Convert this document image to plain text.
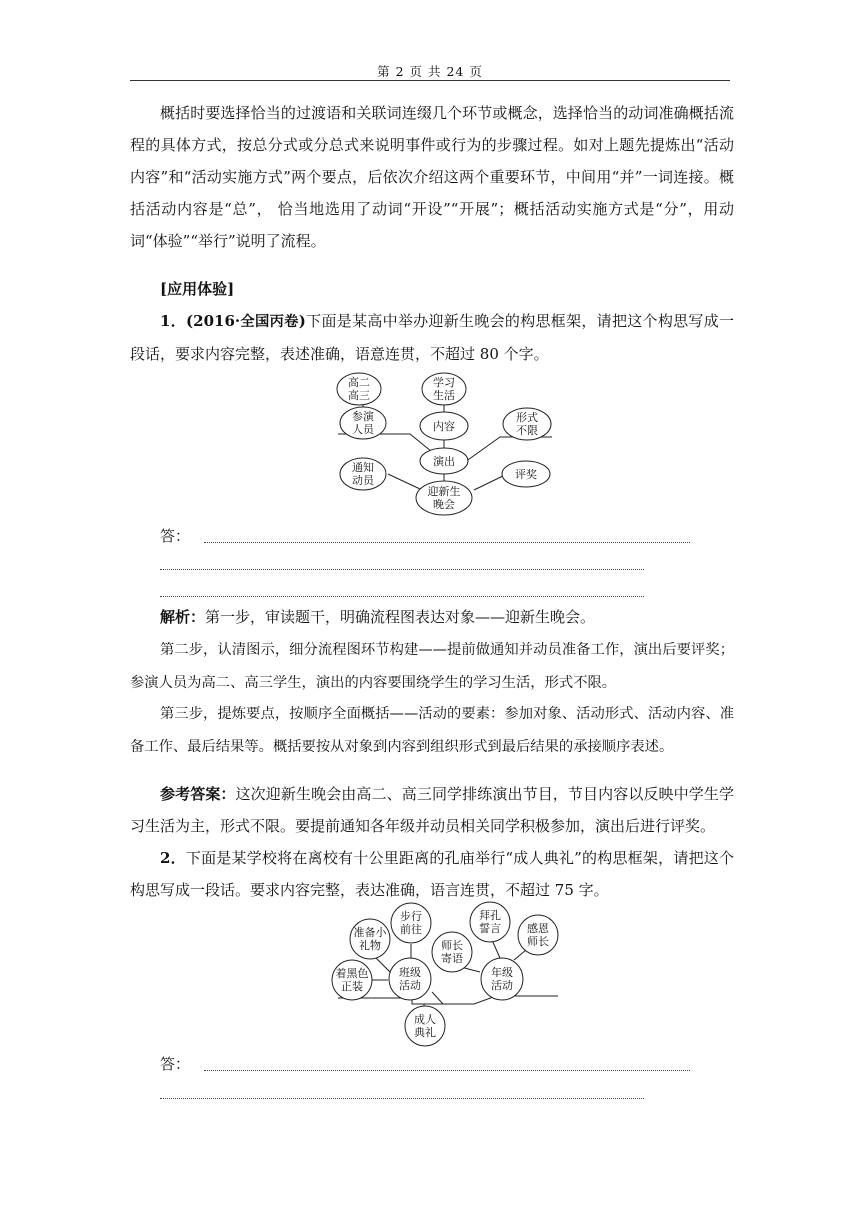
第 2 页 共 24 页
概括时要选择恰当的过渡语和关联词连缀几个环节或概念，选择恰当的动词准确概括流程的具体方式，按总分式或分总式来说明事件或行为的步骤过程。如对上题先提炼出“活动内容”和“活动实施方式”两个要点，后依次介绍这两个重要环节，中间用“并”一词连接。概括活动内容是“总”， 恰当地选用了动词“开设”“开展”；概括活动实施方式是“分”，用动词“体验”“举行”说明了流程。
[应用体验]
1．(2016·全国丙卷)下面是某高中举办迎新生晚会的构思框架，请把这个构思写成一段话，要求内容完整，表述准确，语意连贯，不超过 80 个字。
高二
高三
学习
生活
参演
人员	内容
形式
不限
演出
通知
动员	评奖
迎新生
晚会
答：
解析：第一步，审读题干，明确流程图表达对象——迎新生晚会。
第二步，认清图示，细分流程图环节构建——提前做通知并动员准备工作，演出后要评奖；参演人员为高二、高三学生，演出的内容要围绕学生的学习生活，形式不限。
第三步，提炼要点，按顺序全面概括——活动的要素：参加对象、活动形式、活动内容、准备工作、最后结果等。概括要按从对象到内容到组织形式到最后结果的承接顺序表述。
参考答案：这次迎新生晚会由高二、高三同学排练演出节目，节目内容以反映中学生学习生活为主，形式不限。要提前通知各年级并动员相关同学积极参加，演出后进行评奖。
2．下面是某学校将在离校有十公里距离的孔庙举行“成人典礼”的构思框架，请把这个构思写成一段话。要求内容完整，表达准确，语言连贯，不超过 75 字。
准备小
礼物
步行
前往
拜孔
誓言 感恩
师长
师长
寄语
着黑色
正装
班级
活动
年级
活动
成人
典礼
答：
